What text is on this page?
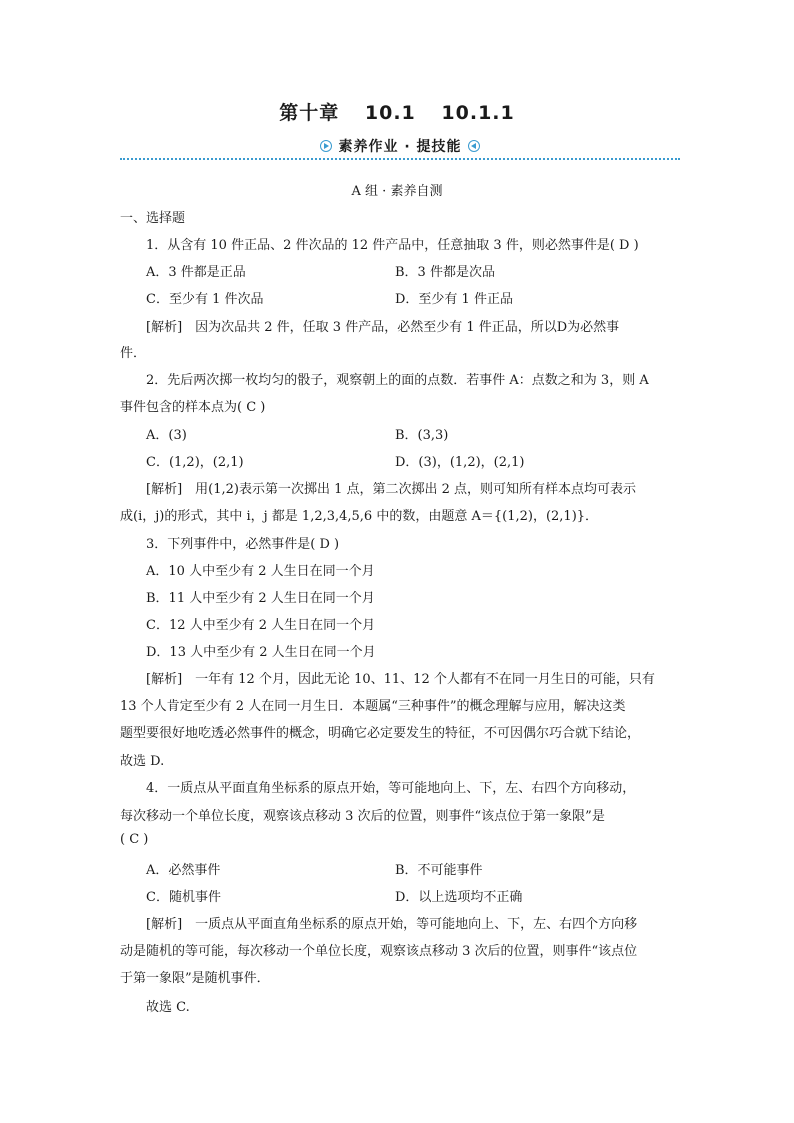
第十章 10.1 10.1.1
素养作业 · 提技能
A 组 · 素养自测
一、选择题
1．从含有 10 件正品、2 件次品的 12 件产品中，任意抽取 3 件，则必然事件是( D )
A．3 件都是正品	B．3 件都是次品
C．至少有 1 件次品	D．至少有 1 件正品
[解析]　因为次品共 2 件，任取 3 件产品，必然至少有 1 件正品，所以D为必然事
件．
2．先后两次掷一枚均匀的骰子，观察朝上的面的点数．若事件 A：点数之和为 3，则 A
事件包含的样本点为( C )
A．(3)	B．(3,3)
C．(1,2)，(2,1)	D．(3)，(1,2)，(2,1)
[解析]　用(1,2)表示第一次掷出 1 点，第二次掷出 2 点，则可知所有样本点均可表示
成(i，j)的形式，其中 i，j 都是 1,2,3,4,5,6 中的数，由题意 A＝{(1,2)，(2,1)}．
3．下列事件中，必然事件是( D )
A．10 人中至少有 2 人生日在同一个月
B．11 人中至少有 2 人生日在同一个月
C．12 人中至少有 2 人生日在同一个月
D．13 人中至少有 2 人生日在同一个月
[解析]　一年有 12 个月，因此无论 10、11、12 个人都有不在同一月生日的可能，只有
13 个人肯定至少有 2 人在同一月生日．本题属“三种事件”的概念理解与应用，解决这类
题型要很好地吃透必然事件的概念，明确它必定要发生的特征，不可因偶尔巧合就下结论，
故选 D.
4．一质点从平面直角坐标系的原点开始，等可能地向上、下，左、右四个方向移动，
每次移动一个单位长度，观察该点移动 3 次后的位置，则事件“该点位于第一象限”是
( C )
A．必然事件	B．不可能事件
C．随机事件	D．以上选项均不正确
[解析]　一质点从平面直角坐标系的原点开始，等可能地向上、下，左、右四个方向移
动是随机的等可能，每次移动一个单位长度，观察该点移动 3 次后的位置，则事件“该点位
于第一象限”是随机事件．
故选 C.
